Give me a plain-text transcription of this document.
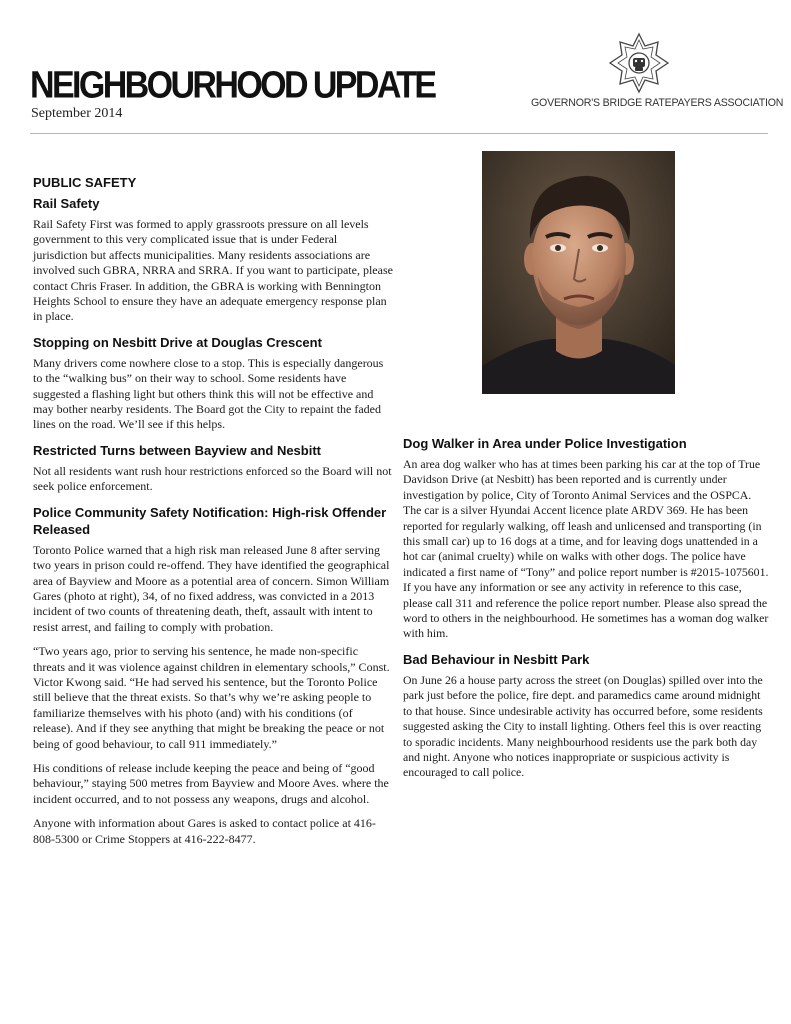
NEIGHBOURHOOD UPDATE
September 2014
GOVERNOR'S BRIDGE RATEPAYERS ASSOCIATION
PUBLIC SAFETY
Rail Safety

Rail Safety First was formed to apply grassroots pressure on all levels government to this very complicated issue that is under Federal jurisdiction but affects municipalities. Many residents associations are involved such GBRA, NRRA and SRRA. If you want to participate, please contact Chris Fraser. In addition, the GBRA is working with Bennington Heights School to ensure they have an adequate emergency response plan in place.

Stopping on Nesbitt Drive at Douglas Crescent

Many drivers come nowhere close to a stop. This is especially dangerous to the “walking bus” on their way to school. Some residents have suggested a flashing light but others think this will not be effective and may bother nearby residents. The Board got the City to repaint the faded lines on the road. We’ll see if this helps.

Restricted Turns between Bayview and Nesbitt

Not all residents want rush hour restrictions enforced so the Board will not seek police enforcement.

Police Community Safety Notification: High-risk Offender Released

Toronto Police warned that a high risk man released June 8 after serving two years in prison could re-offend. They have identified the geographical area of Bayview and Moore as a potential area of concern. Simon William Gares (photo at right), 34, of no fixed address, was convicted in a 2013 incident of two counts of threatening death, theft, assault with intent to resist arrest, and failing to comply with probation.

“Two years ago, prior to serving his sentence, he made non-specific threats and it was violence against children in elementary schools,” Const. Victor Kwong said. “He had served his sentence, but the Toronto Police still believe that the threat exists. So that’s why we’re asking people to familiarize themselves with his photo (and) with his conditions (of release). And if they see anything that might be breaking the peace or not being of good behaviour, to call 911 immediately.”

His conditions of release include keeping the peace and being of “good behaviour,” staying 500 metres from Bayview and Moore Aves. where the incident occurred, and to not possess any weapons, drugs and alcohol.

Anyone with information about Gares is asked to contact police at 416-808-5300 or Crime Stoppers at 416-222-8477.

Dog Walker in Area under Police Investigation

An area dog walker who has at times been parking his car at the top of True Davidson Drive (at Nesbitt) has been reported and is currently under investigation by police, City of Toronto Animal Services and the OSPCA. The car is a silver Hyundai Accent licence plate ARDV 369. He has been reported for regularly walking, off leash and unlicensed and transporting (in this small car) up to 16 dogs at a time, and for leaving dogs unattended in a hot car (animal cruelty) while on walks with other dogs. The police have indicated a first name of “Tony” and police report number is #2015-1075601. If you have any information or see any activity in reference to this case, please call 311 and reference the police report number. Please also spread the word to others in the neighbourhood. He sometimes has a woman dog walker with him.

Bad Behaviour in Nesbitt Park

On June 26 a house party across the street (on Douglas) spilled over into the park just before the police, fire dept. and paramedics came around midnight to that house. Since undesirable activity has occurred before, some residents suggested asking the City to install lighting. Others feel this is over reacting to sporadic incidents. Many neighbourhood residents use the park both day and night. Anyone who notices inappropriate or suspicious activity is encouraged to call police.
